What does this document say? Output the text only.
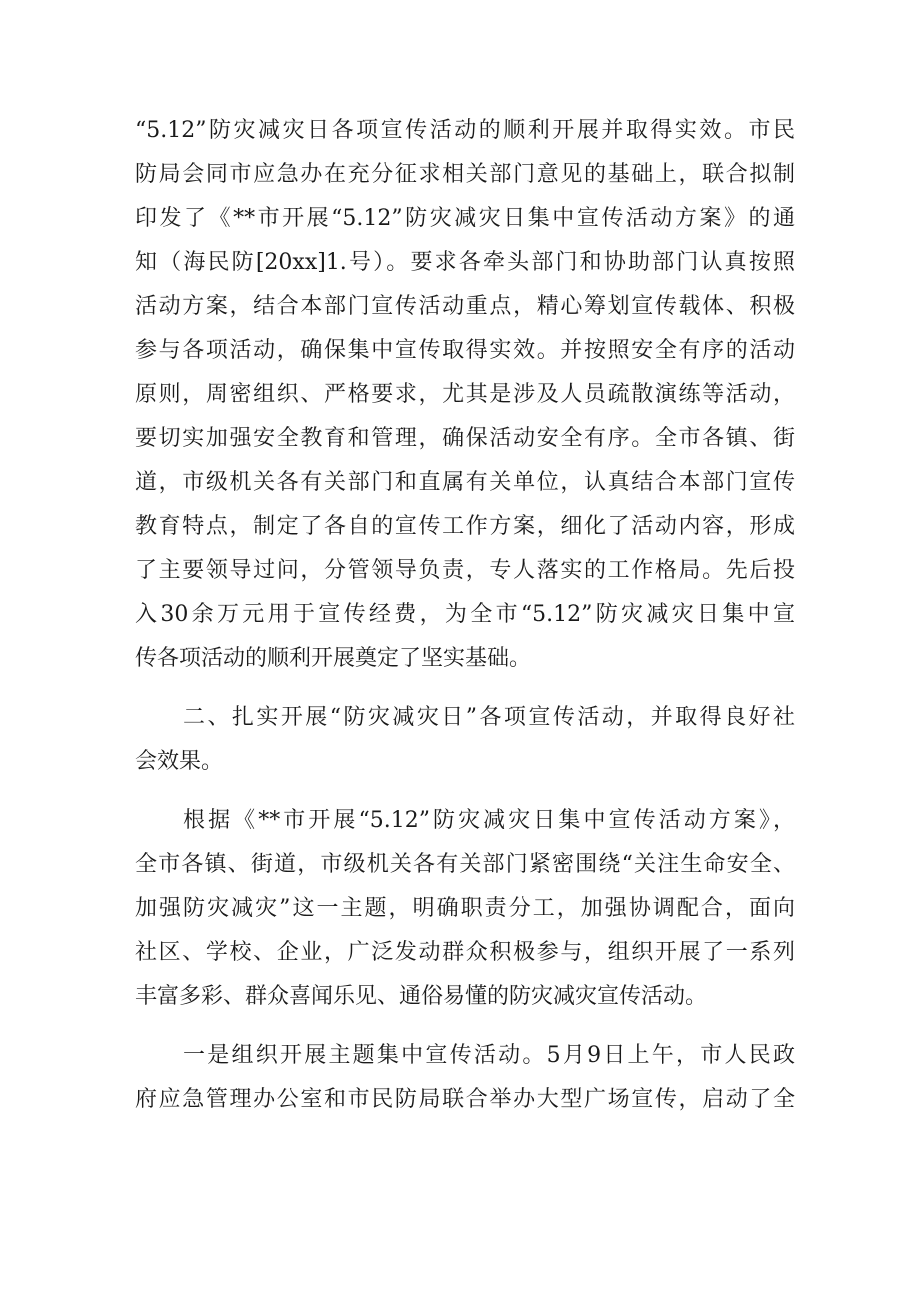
“5.12”防灾减灾日各项宣传活动的顺利开展并取得实效。市民
防局会同市应急办在充分征求相关部门意见的基础上，联合拟制
印发了《**市开展“5.12”防灾减灾日集中宣传活动方案》的通
知（海民防[20xx]1.号）。要求各牵头部门和协助部门认真按照
活动方案，结合本部门宣传活动重点，精心筹划宣传载体、积极
参与各项活动，确保集中宣传取得实效。并按照安全有序的活动
原则，周密组织、严格要求，尤其是涉及人员疏散演练等活动，
要切实加强安全教育和管理，确保活动安全有序。全市各镇、街
道，市级机关各有关部门和直属有关单位，认真结合本部门宣传
教育特点，制定了各自的宣传工作方案，细化了活动内容，形成
了主要领导过问，分管领导负责，专人落实的工作格局。先后投
入30余万元用于宣传经费，为全市“5.12”防灾减灾日集中宣
传各项活动的顺利开展奠定了坚实基础。
二、扎实开展“防灾减灾日”各项宣传活动，并取得良好社
会效果。
根据《**市开展“5.12”防灾减灾日集中宣传活动方案》，
全市各镇、街道，市级机关各有关部门紧密围绕“关注生命安全、
加强防灾减灾”这一主题，明确职责分工，加强协调配合，面向
社区、学校、企业，广泛发动群众积极参与，组织开展了一系列
丰富多彩、群众喜闻乐见、通俗易懂的防灾减灾宣传活动。
一是组织开展主题集中宣传活动。5月9日上午，市人民政
府应急管理办公室和市民防局联合举办大型广场宣传，启动了全
